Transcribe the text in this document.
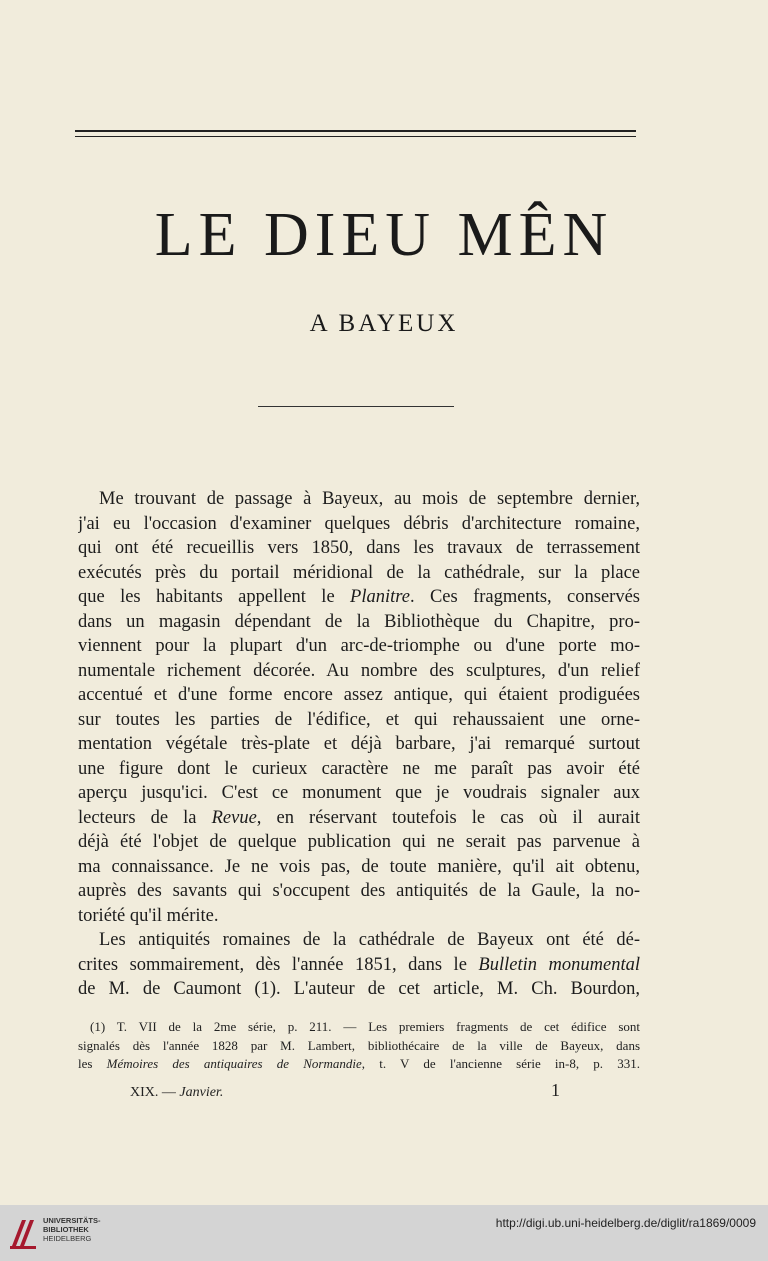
LE DIEU MÊN
A BAYEUX
Me trouvant de passage à Bayeux, au mois de septembre dernier,
j'ai eu l'occasion d'examiner quelques débris d'architecture romaine,
qui ont été recueillis vers 1850, dans les travaux de terrassement
exécutés près du portail méridional de la cathédrale, sur la place
que les habitants appellent le Planitre. Ces fragments, conservés
dans un magasin dépendant de la Bibliothèque du Chapitre, pro-
viennent pour la plupart d'un arc-de-triomphe ou d'une porte mo-
numentale richement décorée. Au nombre des sculptures, d'un relief
accentué et d'une forme encore assez antique, qui étaient prodiguées
sur toutes les parties de l'édifice, et qui rehaussaient une orne-
mentation végétale très-plate et déjà barbare, j'ai remarqué surtout
une figure dont le curieux caractère ne me paraît pas avoir été
aperçu jusqu'ici. C'est ce monument que je voudrais signaler aux
lecteurs de la Revue, en réservant toutefois le cas où il aurait
déjà été l'objet de quelque publication qui ne serait pas parvenue à
ma connaissance. Je ne vois pas, de toute manière, qu'il ait obtenu,
auprès des savants qui s'occupent des antiquités de la Gaule, la no-
toriété qu'il mérite.
Les antiquités romaines de la cathédrale de Bayeux ont été dé-
crites sommairement, dès l'année 1851, dans le Bulletin monumental
de M. de Caumont (1). L'auteur de cet article, M. Ch. Bourdon,
(1) T. VII de la 2me série, p. 211. — Les premiers fragments de cet édifice sont
signalés dès l'année 1828 par M. Lambert, bibliothécaire de la ville de Bayeux, dans
les Mémoires des antiquaires de Normandie, t. V de l'ancienne série in-8, p. 331.
XIX. — Janvier.	1
UNIVERSITÄTS-
BIBLIOTHEK
HEIDELBERG
http://digi.ub.uni-heidelberg.de/diglit/ra1869/0009
